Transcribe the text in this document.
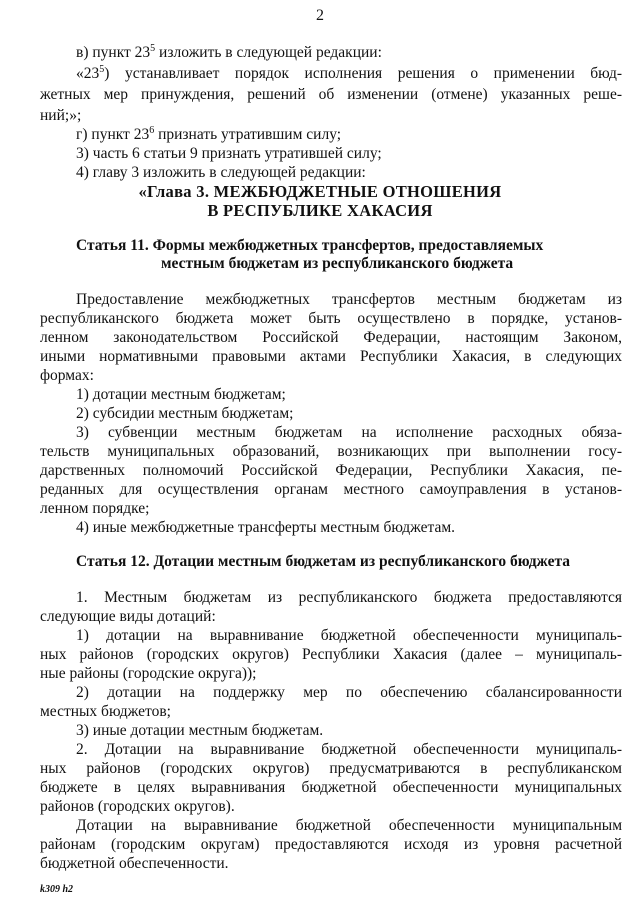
2
в) пункт $23^5$ изложить в следующей редакции:
«$23^5$) устанавливает порядок исполнения решения о применении бюд-
жетных мер принуждения, решений об изменении (отмене) указанных реше-
ний;»;
г) пункт $23^6$ признать утратившим силу;
3) часть 6 статьи 9 признать утратившей силу;
4) главу 3 изложить в следующей редакции:
«Глава 3. МЕЖБЮДЖЕТНЫЕ ОТНОШЕНИЯ
В РЕСПУБЛИКЕ ХАКАСИЯ
Статья 11. Формы межбюджетных трансфертов, предоставляемых
местным бюджетам из республиканского бюджета
Предоставление межбюджетных трансфертов местным бюджетам из
республиканского бюджета может быть осуществлено в порядке, установ-
ленном законодательством Российской Федерации, настоящим Законом,
иными нормативными правовыми актами Республики Хакасия, в следующих
формах:
1) дотации местным бюджетам;
2) субсидии местным бюджетам;
3) субвенции местным бюджетам на исполнение расходных обяза-
тельств муниципальных образований, возникающих при выполнении госу-
дарственных полномочий Российской Федерации, Республики Хакасия, пе-
реданных для осуществления органам местного самоуправления в установ-
ленном порядке;
4) иные межбюджетные трансферты местным бюджетам.
Статья 12. Дотации местным бюджетам из республиканского бюджета
1. Местным бюджетам из республиканского бюджета предоставляются
следующие виды дотаций:
1) дотации на выравнивание бюджетной обеспеченности муниципаль-
ных районов (городских округов) Республики Хакасия (далее – муниципаль-
ные районы (городские округа));
2) дотации на поддержку мер по обеспечению сбалансированности
местных бюджетов;
3) иные дотации местным бюджетам.
2. Дотации на выравнивание бюджетной обеспеченности муниципаль-
ных районов (городских округов) предусматриваются в республиканском
бюджете в целях выравнивания бюджетной обеспеченности муниципальных
районов (городских округов).
Дотации на выравнивание бюджетной обеспеченности муниципальным
районам (городским округам) предоставляются исходя из уровня расчетной
бюджетной обеспеченности.
k309 h2
